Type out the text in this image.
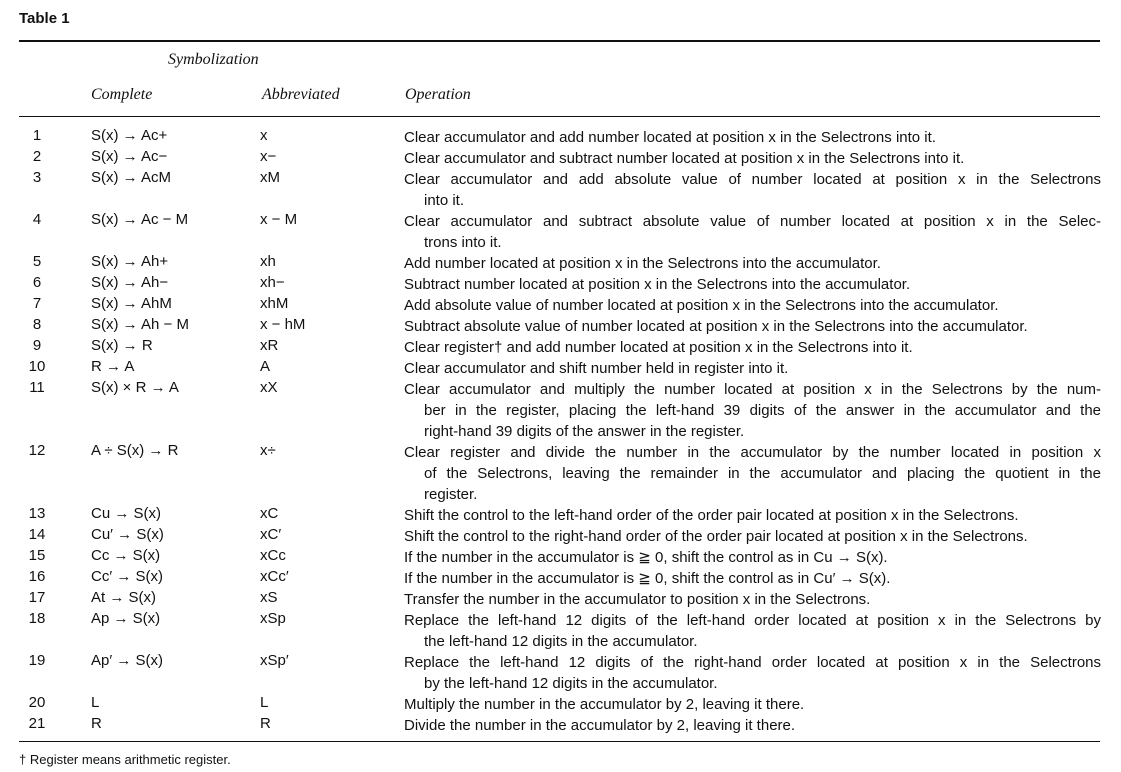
Table 1
Symbolization
Complete	Abbreviated	Operation
1	S(x) → Ac+	x	Clear accumulator and add number located at position x in the Selectrons into it.
2	S(x) → Ac−	x−	Clear accumulator and subtract number located at position x in the Selectrons into it.
3	S(x) → AcM	xM	Clear accumulator and add absolute value of number located at position x in the Selectrons
into it.
4	S(x) → Ac − M	x − M	Clear accumulator and subtract absolute value of number located at position x in the Selec-
trons into it.
5	S(x) → Ah+	xh	Add number located at position x in the Selectrons into the accumulator.
6	S(x) → Ah−	xh−	Subtract number located at position x in the Selectrons into the accumulator.
7	S(x) → AhM	xhM	Add absolute value of number located at position x in the Selectrons into the accumulator.
8	S(x) → Ah − M	x − hM	Subtract absolute value of number located at position x in the Selectrons into the accumulator.
9	S(x) → R	xR	Clear register† and add number located at position x in the Selectrons into it.
10	R → A	A	Clear accumulator and shift number held in register into it.
11	S(x) × R → A	xX	Clear accumulator and multiply the number located at position x in the Selectrons by the num-
ber in the register, placing the left-hand 39 digits of the answer in the accumulator and the
right-hand 39 digits of the answer in the register.
12	A ÷ S(x) → R	x÷	Clear register and divide the number in the accumulator by the number located in position x
of the Selectrons, leaving the remainder in the accumulator and placing the quotient in the
register.
13	Cu → S(x)	xC	Shift the control to the left-hand order of the order pair located at position x in the Selectrons.
14	Cu′ → S(x)	xC′	Shift the control to the right-hand order of the order pair located at position x in the Selectrons.
15	Cc → S(x)	xCc	If the number in the accumulator is ≧ 0, shift the control as in Cu → S(x).
16	Cc′ → S(x)	xCc′	If the number in the accumulator is ≧ 0, shift the control as in Cu′ → S(x).
17	At → S(x)	xS	Transfer the number in the accumulator to position x in the Selectrons.
18	Ap → S(x)	xSp	Replace the left-hand 12 digits of the left-hand order located at position x in the Selectrons by
the left-hand 12 digits in the accumulator.
19	Ap′ → S(x)	xSp′	Replace the left-hand 12 digits of the right-hand order located at position x in the Selectrons
by the left-hand 12 digits in the accumulator.
20	L	L	Multiply the number in the accumulator by 2, leaving it there.
21	R	R	Divide the number in the accumulator by 2, leaving it there.
† Register means arithmetic register.
